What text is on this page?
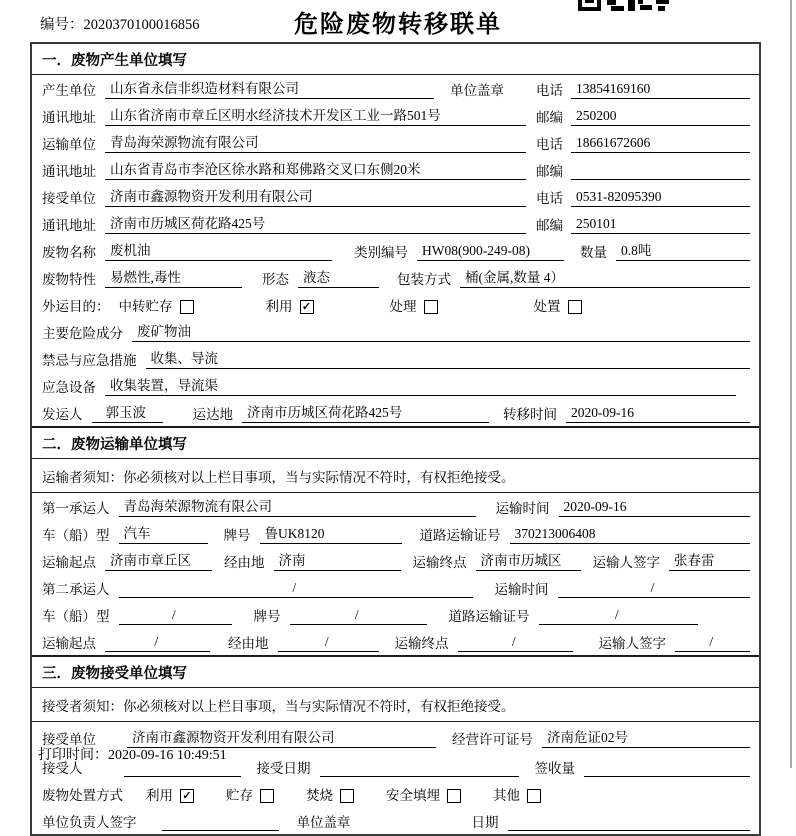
编号：2020370100016856	危险废物转移联单
一．废物产生单位填写
产生单位	山东省永信非织造材料有限公司	单位盖章 电话 13854169160
通讯地址	山东省济南市章丘区明水经济技术开发区工业一路501号	邮编 250200
运输单位	青岛海荣源物流有限公司	电话 18661672606
通讯地址	山东省青岛市李沧区徐水路和郑佛路交叉口东侧20米	邮编
接受单位	济南市鑫源物资开发利用有限公司	电话 0531-82095390
通讯地址	济南市历城区荷花路425号	邮编 250101
废物名称	废机油	类别编号	HW08(900-249-08)	数量	0.8吨
废物特性	易燃性,毒性	形态	液态	包装方式	桶(金属,数量 4）
外运目的： 中转贮存	利用 ✓	处理	处置
主要危险成分	废矿物油
禁忌与应急措施	收集、导流
应急设备	收集装置，导流渠
发运人	郭玉波	运达地	济南市历城区荷花路425号	转移时间	2020-09-16
二．废物运输单位填写
运输者须知：你必须核对以上栏目事项，当与实际情况不符时，有权拒绝接受。
第一承运人	青岛海荣源物流有限公司	运输时间	2020-09-16
车（船）型	汽车	牌号	鲁UK8120	道路运输证号	370213006408
运输起点	济南市章丘区	经由地	济南	运输终点	济南市历城区	运输人签字	张春雷
第二承运人	/	运输时间	/
车（船）型	/	牌号	/	道路运输证号	/
运输起点	/	经由地	/	运输终点	/	运输人签字	/
三．废物接受单位填写
接受者须知：你必须核对以上栏目事项，当与实际情况不符时，有权拒绝接受。
接受单位	济南市鑫源物资开发利用有限公司	经营许可证号	济南危证02号
接受人	接受日期	签收量
废物处置方式 利用 ✓	贮存	焚烧	安全填埋	其他
单位负责人签字	单位盖章	日期
打印时间：2020-09-16 10:49:51
